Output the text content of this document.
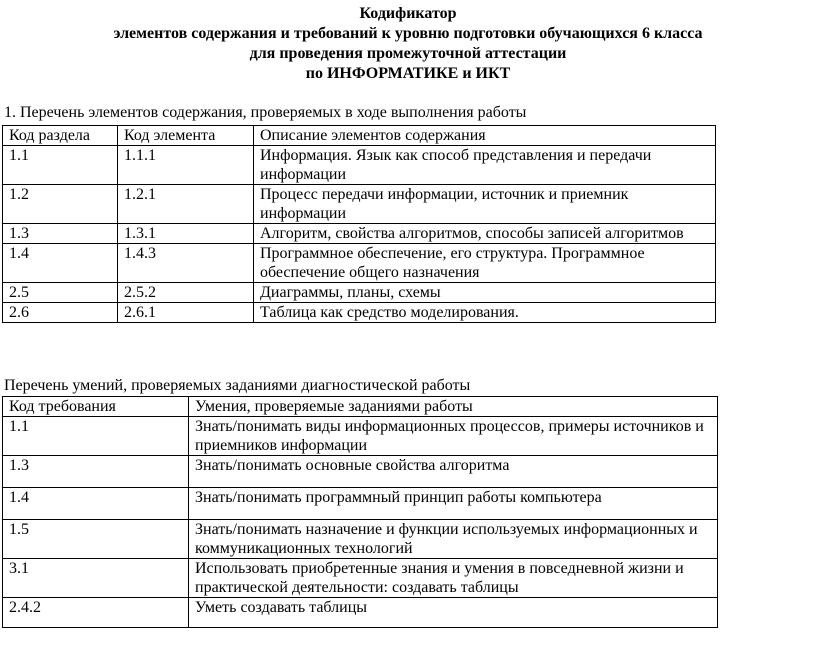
Кодификатор
элементов содержания и требований к уровню подготовки обучающихся 6 класса
для проведения промежуточной аттестации
по ИНФОРМАТИКЕ и ИКТ
1. Перечень элементов содержания, проверяемых в ходе выполнения работы
Код раздела	Код элемента	Описание элементов содержания
1.1	1.1.1	Информация. Язык как способ представления и передачи информации
1.2	1.2.1	Процесс передачи информации, источник и приемник информации
1.3	1.3.1	Алгоритм, свойства алгоритмов, способы записей алгоритмов
1.4	1.4.3	Программное обеспечение, его структура. Программное обеспечение общего назначения
2.5	2.5.2	Диаграммы, планы, схемы
2.6	2.6.1	Таблица как средство моделирования.
Перечень умений, проверяемых заданиями диагностической работы
Код требования	Умения, проверяемые заданиями работы
1.1	Знать/понимать виды информационных процессов, примеры источников и приемников информации
1.3	Знать/понимать основные свойства алгоритма
1.4	Знать/понимать программный принцип работы компьютера
1.5	Знать/понимать назначение и функции используемых информационных и коммуникационных технологий
3.1	Использовать приобретенные знания и умения в повседневной жизни и практической деятельности: создавать таблицы
2.4.2	Уметь создавать таблицы
